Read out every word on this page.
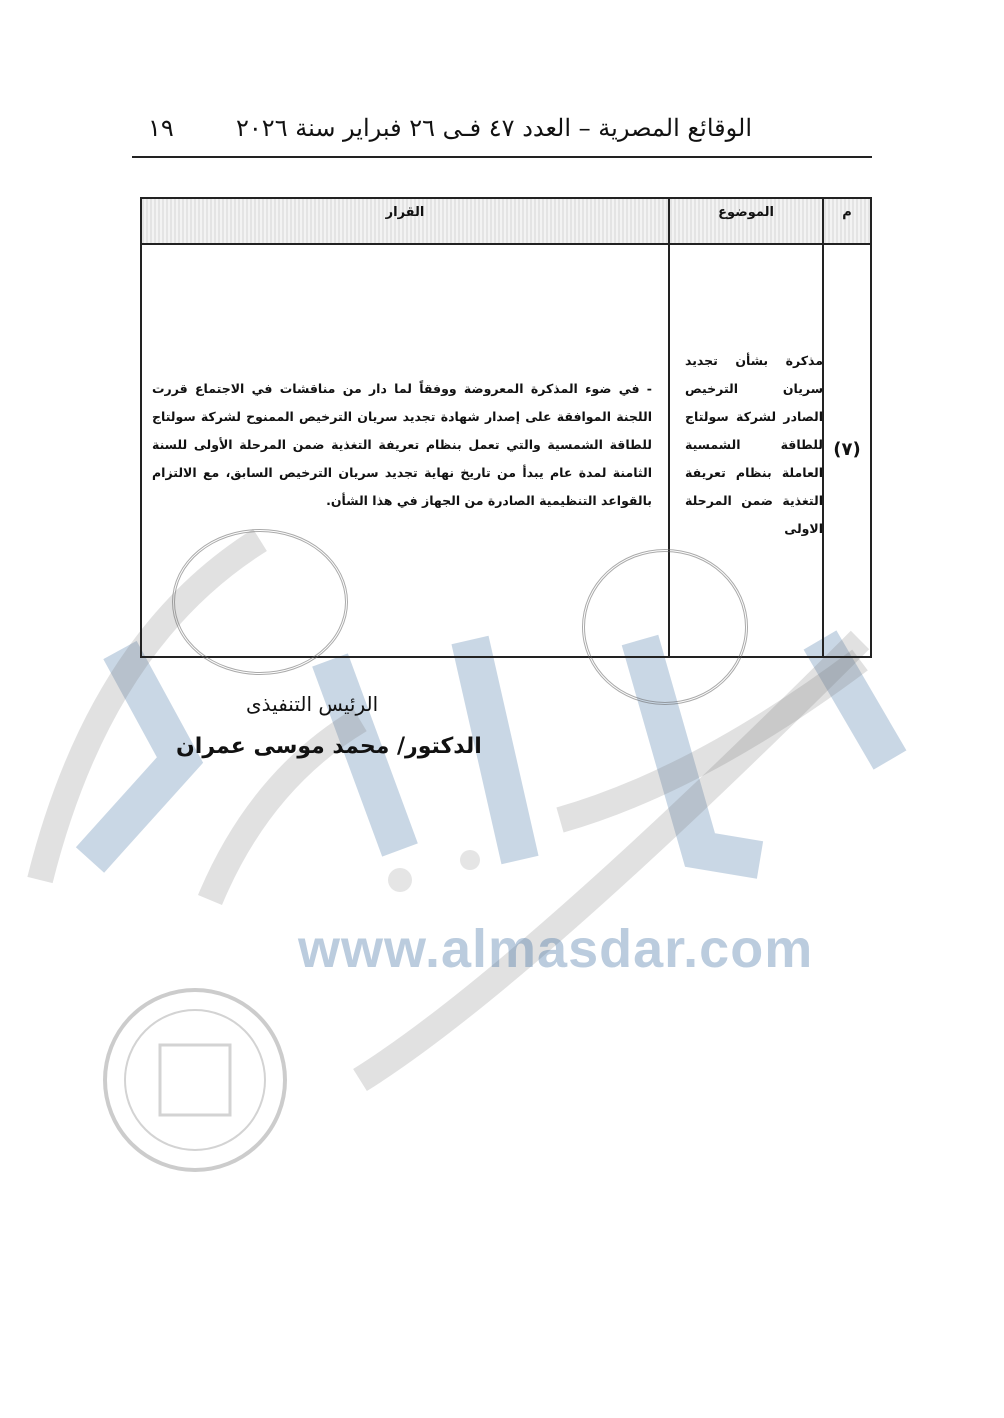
الوقائع المصرية – العدد ٤٧ فـى ٢٦ فبراير سنة ٢٠٢٦
١٩
القرار	الموضوع	م
- في ضوء المذكرة المعروضة ووفقاً لما دار من مناقشات في الاجتماع قررت اللجنة الموافقة على إصدار شهادة تجديد سريان الترخيص الممنوح لشركة سولتاج للطاقة الشمسية والتي تعمل بنظام تعريفة التغذية ضمن المرحلة الأولى للسنة الثامنة لمدة عام يبدأ من تاريخ نهاية تجديد سريان الترخيص السابق، مع الالتزام بالقواعد التنظيمية الصادرة من الجهاز في هذا الشأن.
مذكرة بشأن تجديد سريان الترخيص الصادر لشركة سولتاج للطاقة الشمسية العاملة بنظام تعريفة التغذية ضمن المرحلة الاولى
(٧)
الرئيس التنفيذى
الدكتور/ محمد موسى عمران
www.almasdar.com
